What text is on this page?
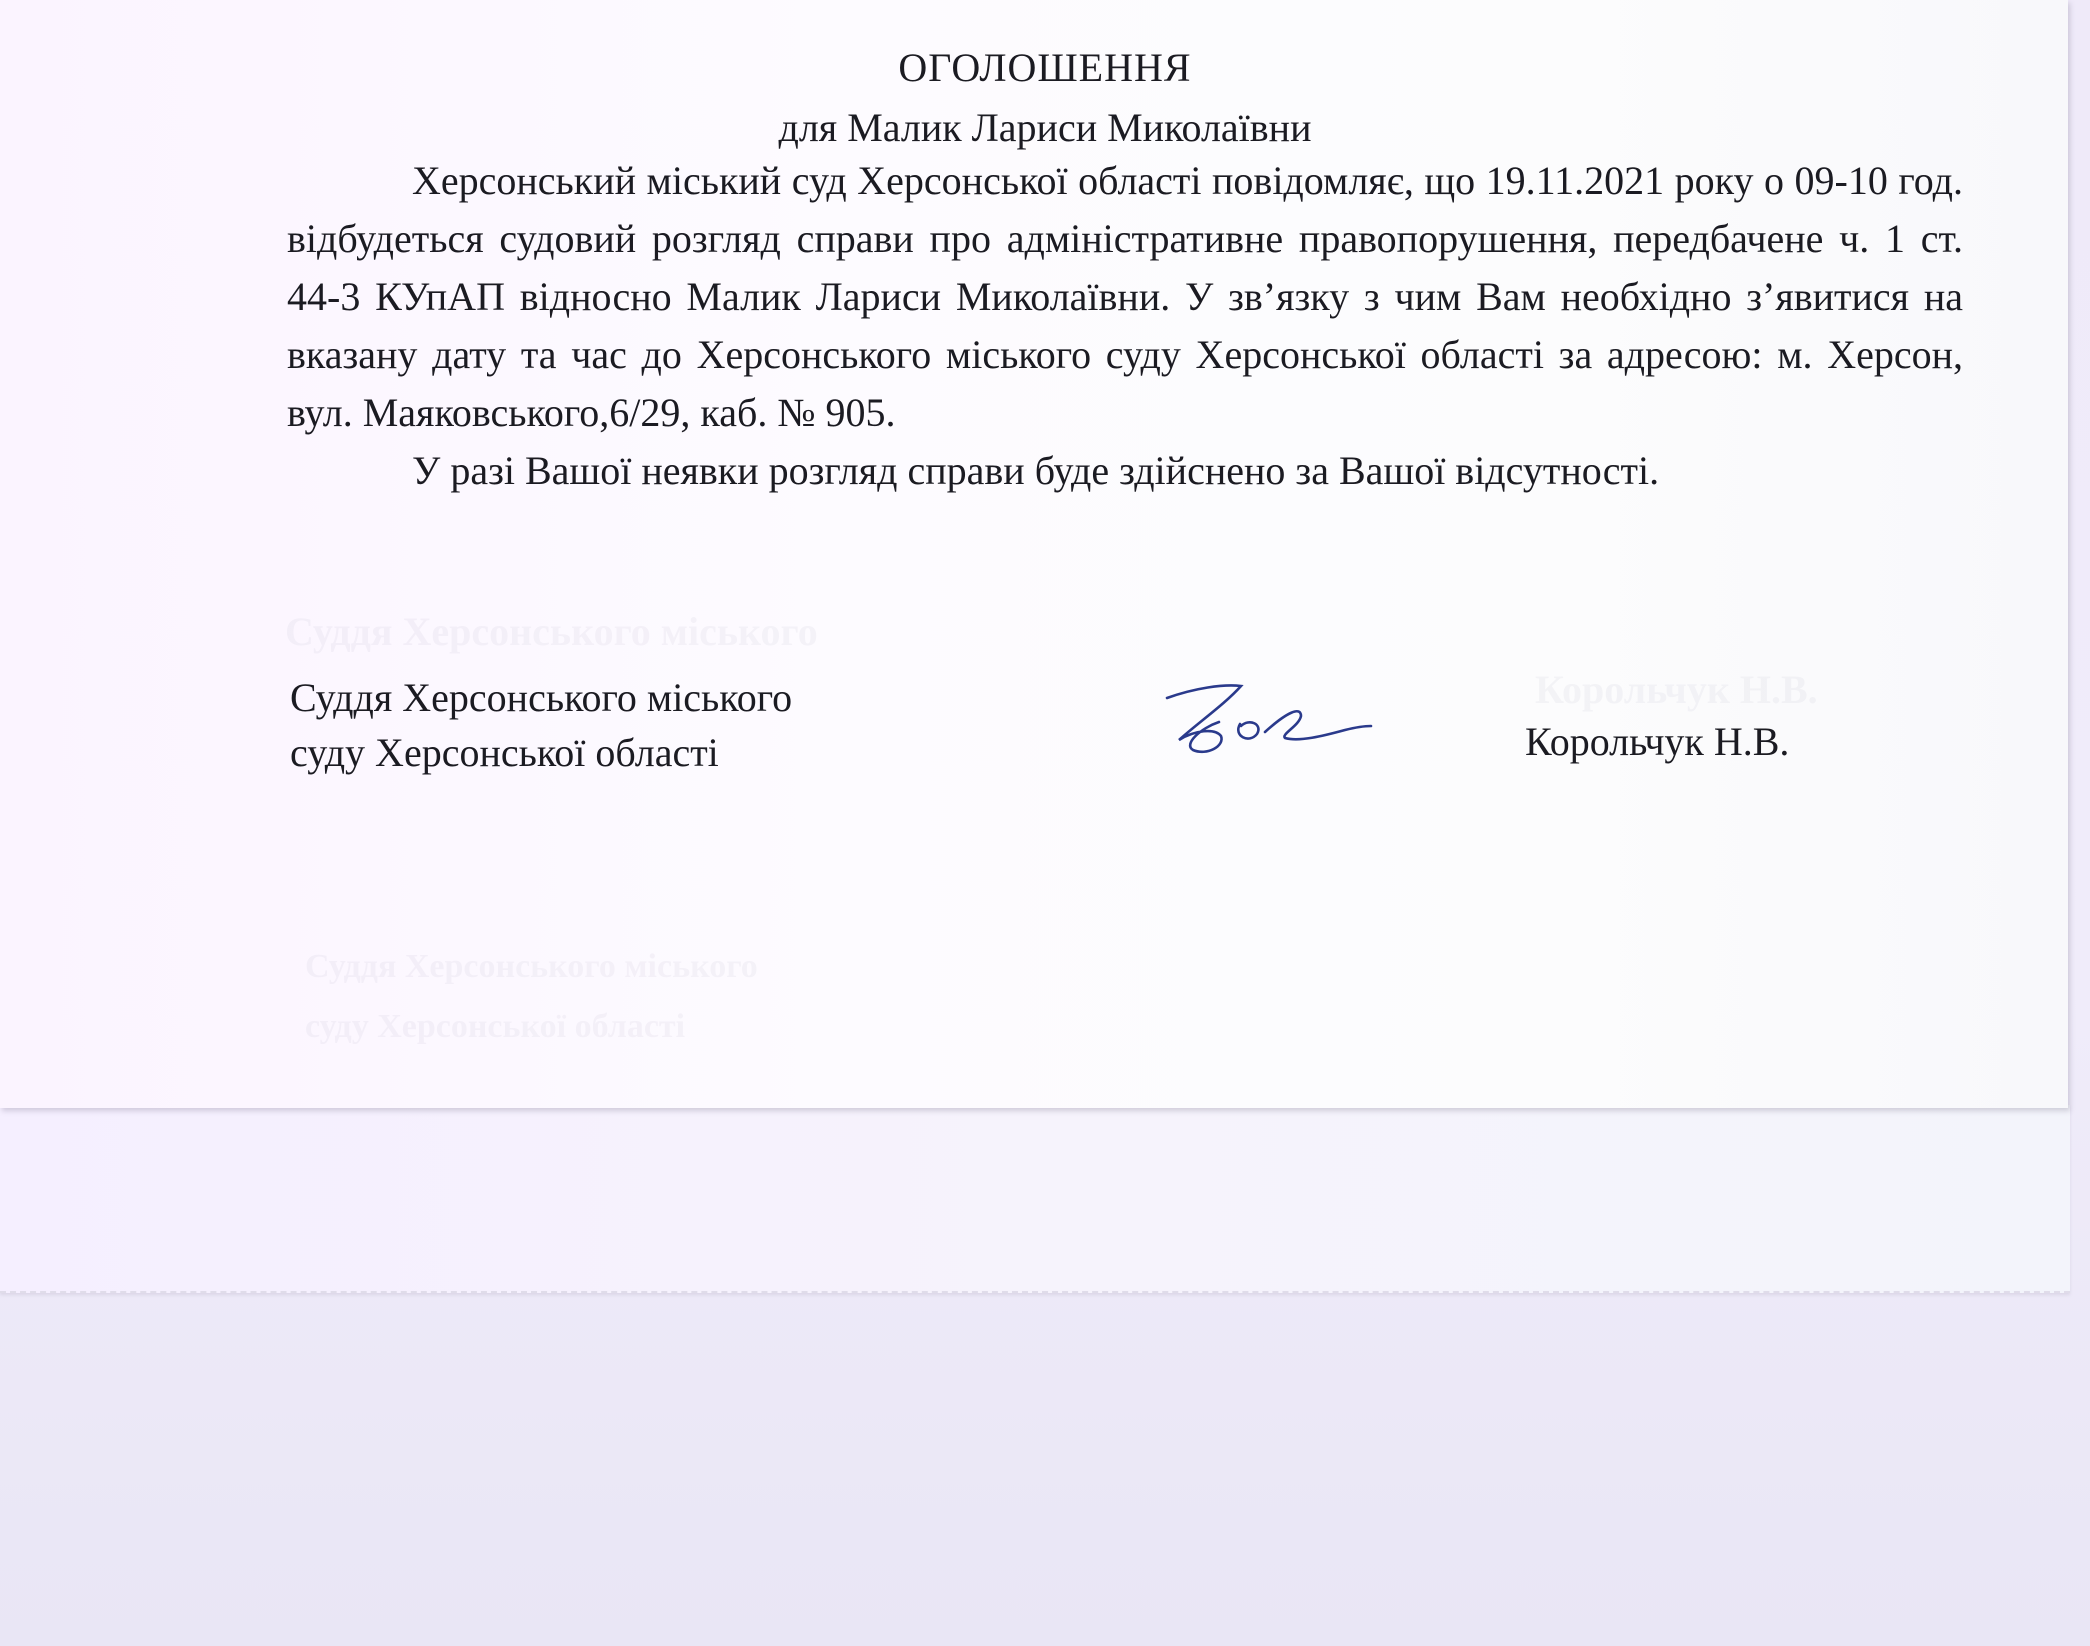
Суддя Херсонського міського
Корольчук Н.В.
Суддя Херсонського міського
суду Херсонської області
ОГОЛОШЕННЯ
для Малик Лариси Миколаївни

Херсонський міський суд Херсонської області повідомляє, що 19.11.2021 року о 09-10 год. відбудеться судовий розгляд справи про адміністративне правопорушення, передбачене ч. 1 ст. 44-3 КУпАП відносно Малик Лариси Миколаївни. У зв’язку з чим Вам необхідно з’явитися на вказану дату та час до Херсонського міського суду Херсонської області за адресою: м. Херсон, вул. Маяковського,6/29, каб. № 905.

У разі Вашої неявки розгляд справи буде здійснено за Вашої відсутності.

Суддя Херсонського міського
суду Херсонської області	Корольчук Н.В.
